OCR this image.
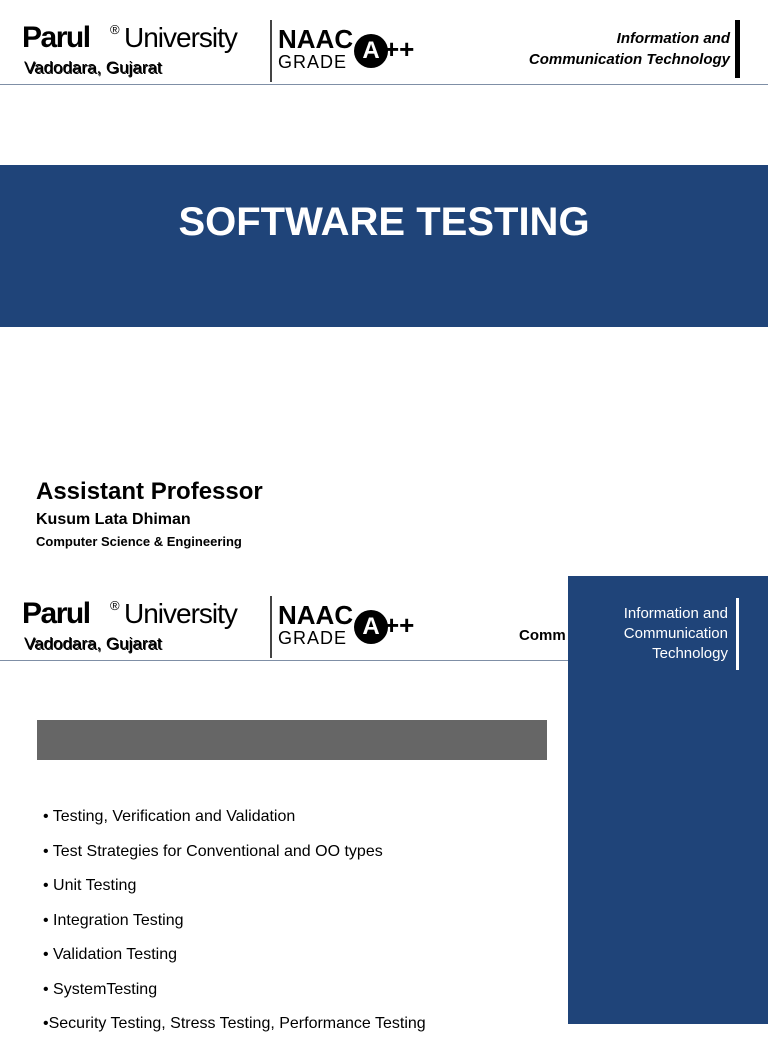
Parul ® University
Vadodara, Gujarat
NAAC
GRADE A ++	Information and
Communication Technology
SOFTWARE TESTING
Assistant Professor
Kusum Lata Dhiman
Computer Science & Engineering
Parul ® University
Vadodara, Gujarat
NAAC
GRADE A ++	Comm
Information and
Communication
Technology
• Testing, Verification and Validation
• Test Strategies for Conventional and OO types
• Unit Testing
• Integration Testing
• Validation Testing
• SystemTesting
•Security Testing, Stress Testing, Performance Testing
